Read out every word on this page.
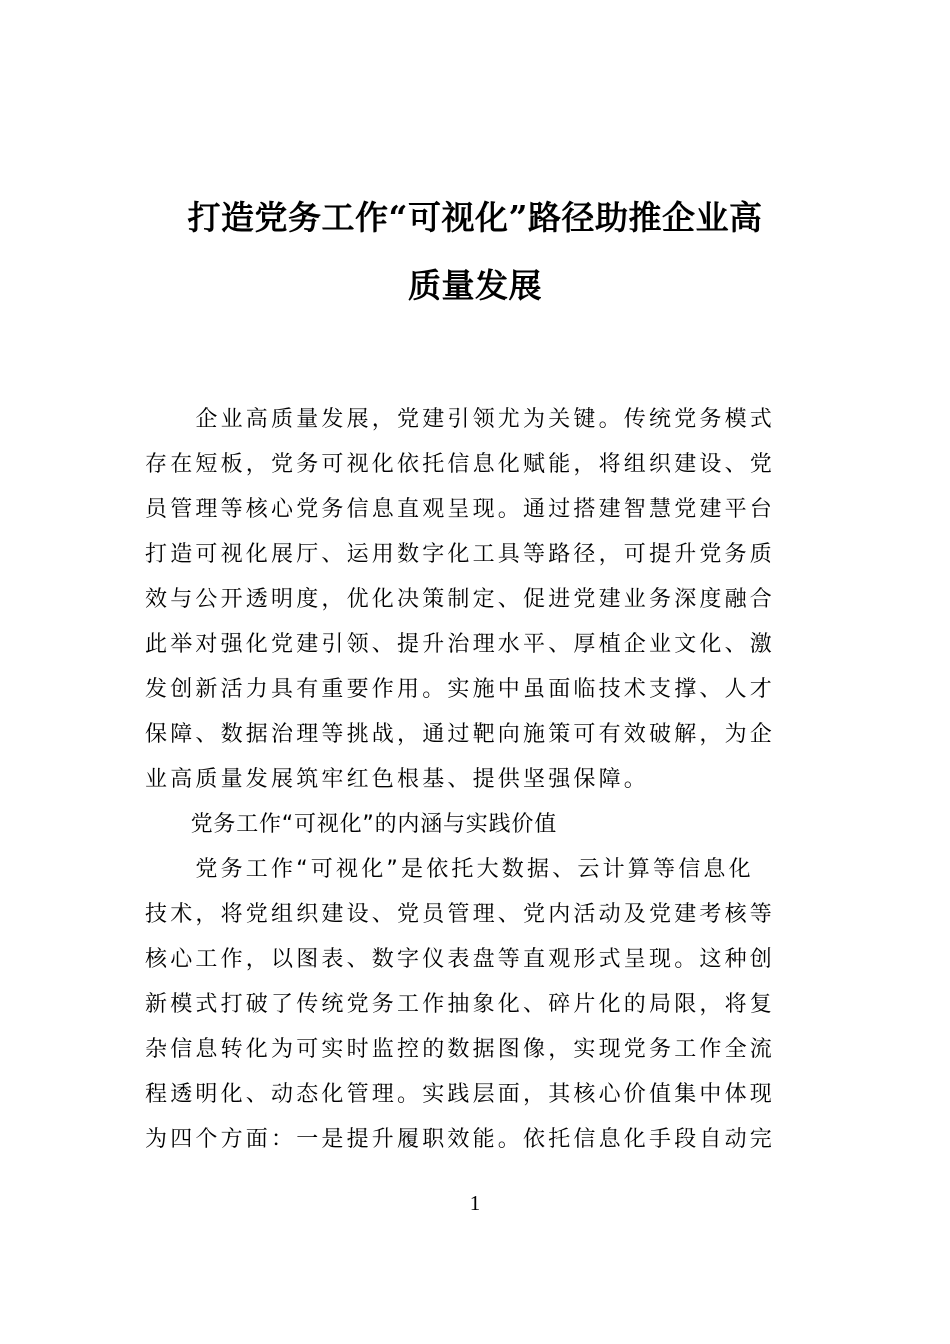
打造党务工作“可视化”路径助推企业高
质量发展
　　企业高质量发展，党建引领尤为关键。传统党务模式
存在短板，党务可视化依托信息化赋能，将组织建设、党
员管理等核心党务信息直观呈现。通过搭建智慧党建平台
打造可视化展厅、运用数字化工具等路径，可提升党务质
效与公开透明度，优化决策制定、促进党建业务深度融合
此举对强化党建引领、提升治理水平、厚植企业文化、激
发创新活力具有重要作用。实施中虽面临技术支撑、人才
保障、数据治理等挑战，通过靶向施策可有效破解，为企
业高质量发展筑牢红色根基、提供坚强保障。
　　党务工作“可视化”的内涵与实践价值
　　党务工作“可视化”是依托大数据、云计算等信息化
技术，将党组织建设、党员管理、党内活动及党建考核等
核心工作，以图表、数字仪表盘等直观形式呈现。这种创
新模式打破了传统党务工作抽象化、碎片化的局限，将复
杂信息转化为可实时监控的数据图像，实现党务工作全流
程透明化、动态化管理。实践层面，其核心价值集中体现
为四个方面：一是提升履职效能。依托信息化手段自动完
1
